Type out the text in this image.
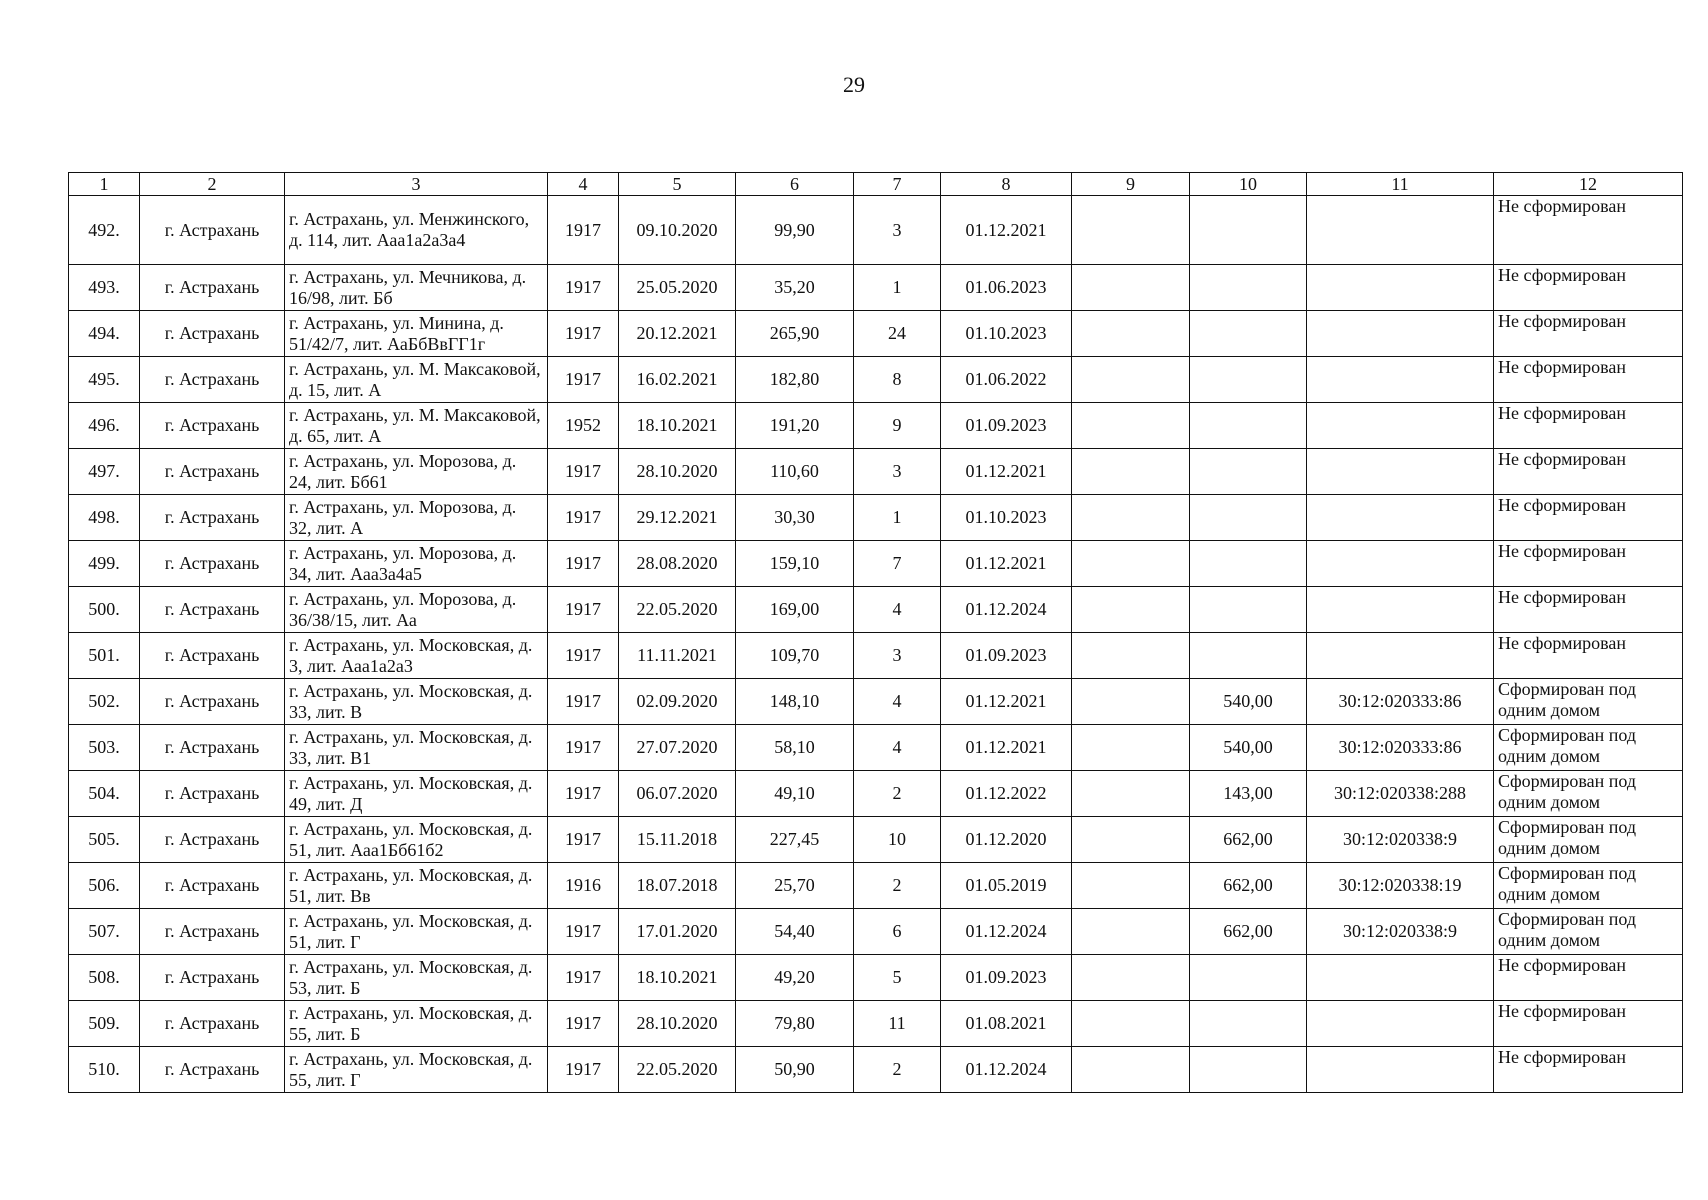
29
1	2	3	4	5	6	7	8	9	10	11	12
492.	г. Астрахань	г. Астрахань, ул. Менжинского, д. 114, лит. Ааа1а2а3а4	1917	09.10.2020	99,90	3	01.12.2021				Не сформирован
493.	г. Астрахань	г. Астрахань, ул. Мечникова, д. 16/98, лит. Бб	1917	25.05.2020	35,20	1	01.06.2023				Не сформирован
494.	г. Астрахань	г. Астрахань, ул. Минина, д. 51/42/7, лит. АаБбВвГГ1г	1917	20.12.2021	265,90	24	01.10.2023				Не сформирован
495.	г. Астрахань	г. Астрахань, ул. М. Максаковой, д. 15, лит. А	1917	16.02.2021	182,80	8	01.06.2022				Не сформирован
496.	г. Астрахань	г. Астрахань, ул. М. Максаковой, д. 65, лит. А	1952	18.10.2021	191,20	9	01.09.2023				Не сформирован
497.	г. Астрахань	г. Астрахань, ул. Морозова, д. 24, лит. Бб61	1917	28.10.2020	110,60	3	01.12.2021				Не сформирован
498.	г. Астрахань	г. Астрахань, ул. Морозова, д. 32, лит. А	1917	29.12.2021	30,30	1	01.10.2023				Не сформирован
499.	г. Астрахань	г. Астрахань, ул. Морозова, д. 34, лит. Ааа3а4а5	1917	28.08.2020	159,10	7	01.12.2021				Не сформирован
500.	г. Астрахань	г. Астрахань, ул. Морозова, д. 36/38/15, лит. Аа	1917	22.05.2020	169,00	4	01.12.2024				Не сформирован
501.	г. Астрахань	г. Астрахань, ул. Московская, д. 3, лит. Ааа1а2а3	1917	11.11.2021	109,70	3	01.09.2023				Не сформирован
502.	г. Астрахань	г. Астрахань, ул. Московская, д. 33, лит. В	1917	02.09.2020	148,10	4	01.12.2021		540,00	30:12:020333:86	Сформирован под одним домом
503.	г. Астрахань	г. Астрахань, ул. Московская, д. 33, лит. В1	1917	27.07.2020	58,10	4	01.12.2021		540,00	30:12:020333:86	Сформирован под одним домом
504.	г. Астрахань	г. Астрахань, ул. Московская, д. 49, лит. Д	1917	06.07.2020	49,10	2	01.12.2022		143,00	30:12:020338:288	Сформирован под одним домом
505.	г. Астрахань	г. Астрахань, ул. Московская, д. 51, лит. Ааа1Бб61б2	1917	15.11.2018	227,45	10	01.12.2020		662,00	30:12:020338:9	Сформирован под одним домом
506.	г. Астрахань	г. Астрахань, ул. Московская, д. 51, лит. Вв	1916	18.07.2018	25,70	2	01.05.2019		662,00	30:12:020338:19	Сформирован под одним домом
507.	г. Астрахань	г. Астрахань, ул. Московская, д. 51, лит. Г	1917	17.01.2020	54,40	6	01.12.2024		662,00	30:12:020338:9	Сформирован под одним домом
508.	г. Астрахань	г. Астрахань, ул. Московская, д. 53, лит. Б	1917	18.10.2021	49,20	5	01.09.2023				Не сформирован
509.	г. Астрахань	г. Астрахань, ул. Московская, д. 55, лит. Б	1917	28.10.2020	79,80	11	01.08.2021				Не сформирован
510.	г. Астрахань	г. Астрахань, ул. Московская, д. 55, лит. Г	1917	22.05.2020	50,90	2	01.12.2024				Не сформирован
